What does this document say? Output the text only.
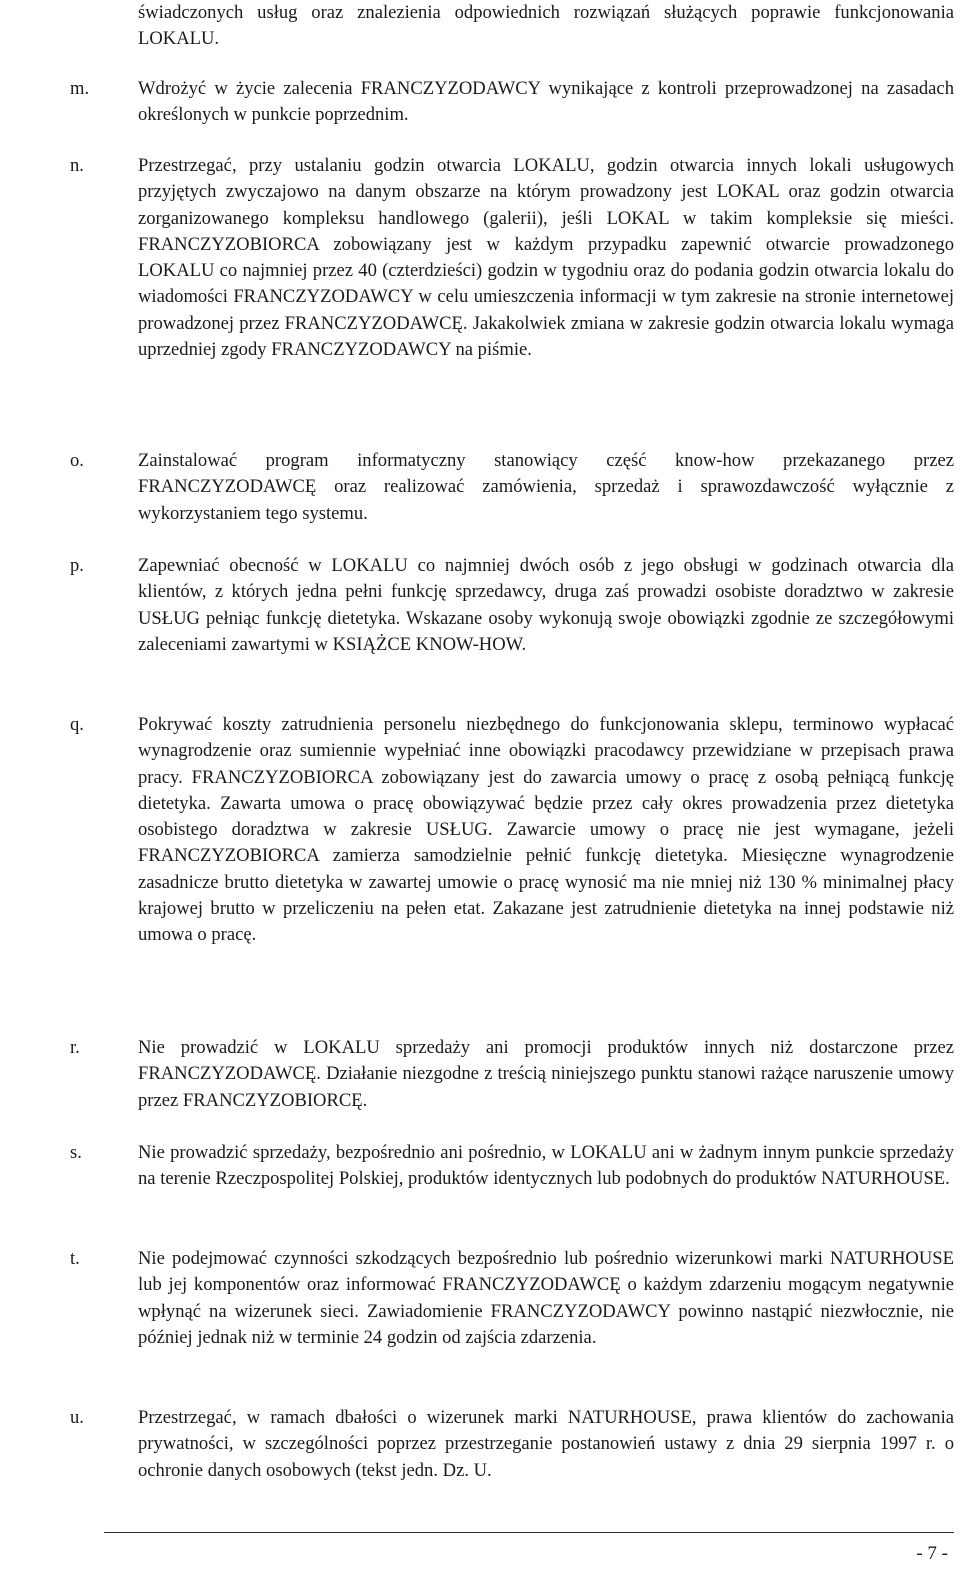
świadczonych usług oraz znalezienia odpowiednich rozwiązań służących poprawie funkcjonowania LOKALU.
m.	Wdrożyć w życie zalecenia FRANCZYZODAWCY wynikające z kontroli przeprowadzonej na zasadach określonych w punkcie poprzednim.
n.	Przestrzegać, przy ustalaniu godzin otwarcia LOKALU, godzin otwarcia innych lokali usługowych przyjętych zwyczajowo na danym obszarze na którym prowadzony jest LOKAL oraz godzin otwarcia zorganizowanego kompleksu handlowego (galerii), jeśli LOKAL w takim kompleksie się mieści. FRANCZYZOBIORCA zobowiązany jest w każdym przypadku zapewnić otwarcie prowadzonego LOKALU co najmniej przez 40 (czterdzieści) godzin w tygodniu oraz do podania godzin otwarcia lokalu do wiadomości FRANCZYZODAWCY w celu umieszczenia informacji w tym zakresie na stronie internetowej prowadzonej przez FRANCZYZODAWCĘ. Jakakolwiek zmiana w zakresie godzin otwarcia lokalu wymaga uprzedniej zgody FRANCZYZODAWCY na piśmie.
o.	Zainstalować program informatyczny stanowiący część know-how przekazanego przez FRANCZYZODAWCĘ oraz realizować zamówienia, sprzedaż i sprawozdawczość wyłącznie z wykorzystaniem tego systemu.
p.	Zapewniać obecność w LOKALU co najmniej dwóch osób z jego obsługi w godzinach otwarcia dla klientów, z których jedna pełni funkcję sprzedawcy, druga zaś prowadzi osobiste doradztwo w zakresie USŁUG pełniąc funkcję dietetyka. Wskazane osoby wykonują swoje obowiązki zgodnie ze szczegółowymi zaleceniami zawartymi w KSIĄŻCE KNOW-HOW.
q.	Pokrywać koszty zatrudnienia personelu niezbędnego do funkcjonowania sklepu, terminowo wypłacać wynagrodzenie oraz sumiennie wypełniać inne obowiązki pracodawcy przewidziane w przepisach prawa pracy. FRANCZYZOBIORCA zobowiązany jest do zawarcia umowy o pracę z osobą pełniącą funkcję dietetyka. Zawarta umowa o pracę obowiązywać będzie przez cały okres prowadzenia przez dietetyka osobistego doradztwa w zakresie USŁUG. Zawarcie umowy o pracę nie jest wymagane, jeżeli FRANCZYZOBIORCA zamierza samodzielnie pełnić funkcję dietetyka. Miesięczne wynagrodzenie zasadnicze brutto dietetyka w zawartej umowie o pracę wynosić ma nie mniej niż 130 % minimalnej płacy krajowej brutto w przeliczeniu na pełen etat. Zakazane jest zatrudnienie dietetyka na innej podstawie niż umowa o pracę.
r.	Nie prowadzić w LOKALU sprzedaży ani promocji produktów innych niż dostarczone przez FRANCZYZODAWCĘ. Działanie niezgodne z treścią niniejszego punktu stanowi rażące naruszenie umowy przez FRANCZYZOBIORCĘ.
s.	Nie prowadzić sprzedaży, bezpośrednio ani pośrednio, w LOKALU ani w żadnym innym punkcie sprzedaży na terenie Rzeczpospolitej Polskiej, produktów identycznych lub podobnych do produktów NATURHOUSE.
t.	Nie podejmować czynności szkodzących bezpośrednio lub pośrednio wizerunkowi marki NATURHOUSE lub jej komponentów oraz informować FRANCZYZODAWCĘ o każdym zdarzeniu mogącym negatywnie wpłynąć na wizerunek sieci. Zawiadomienie FRANCZYZODAWCY powinno nastąpić niezwłocznie, nie później jednak niż w terminie 24 godzin od zajścia zdarzenia.
u.	Przestrzegać, w ramach dbałości o wizerunek marki NATURHOUSE, prawa klientów do zachowania prywatności, w szczególności poprzez przestrzeganie postanowień ustawy z dnia 29 sierpnia 1997 r. o ochronie danych osobowych (tekst jedn. Dz. U.
- 7 -
